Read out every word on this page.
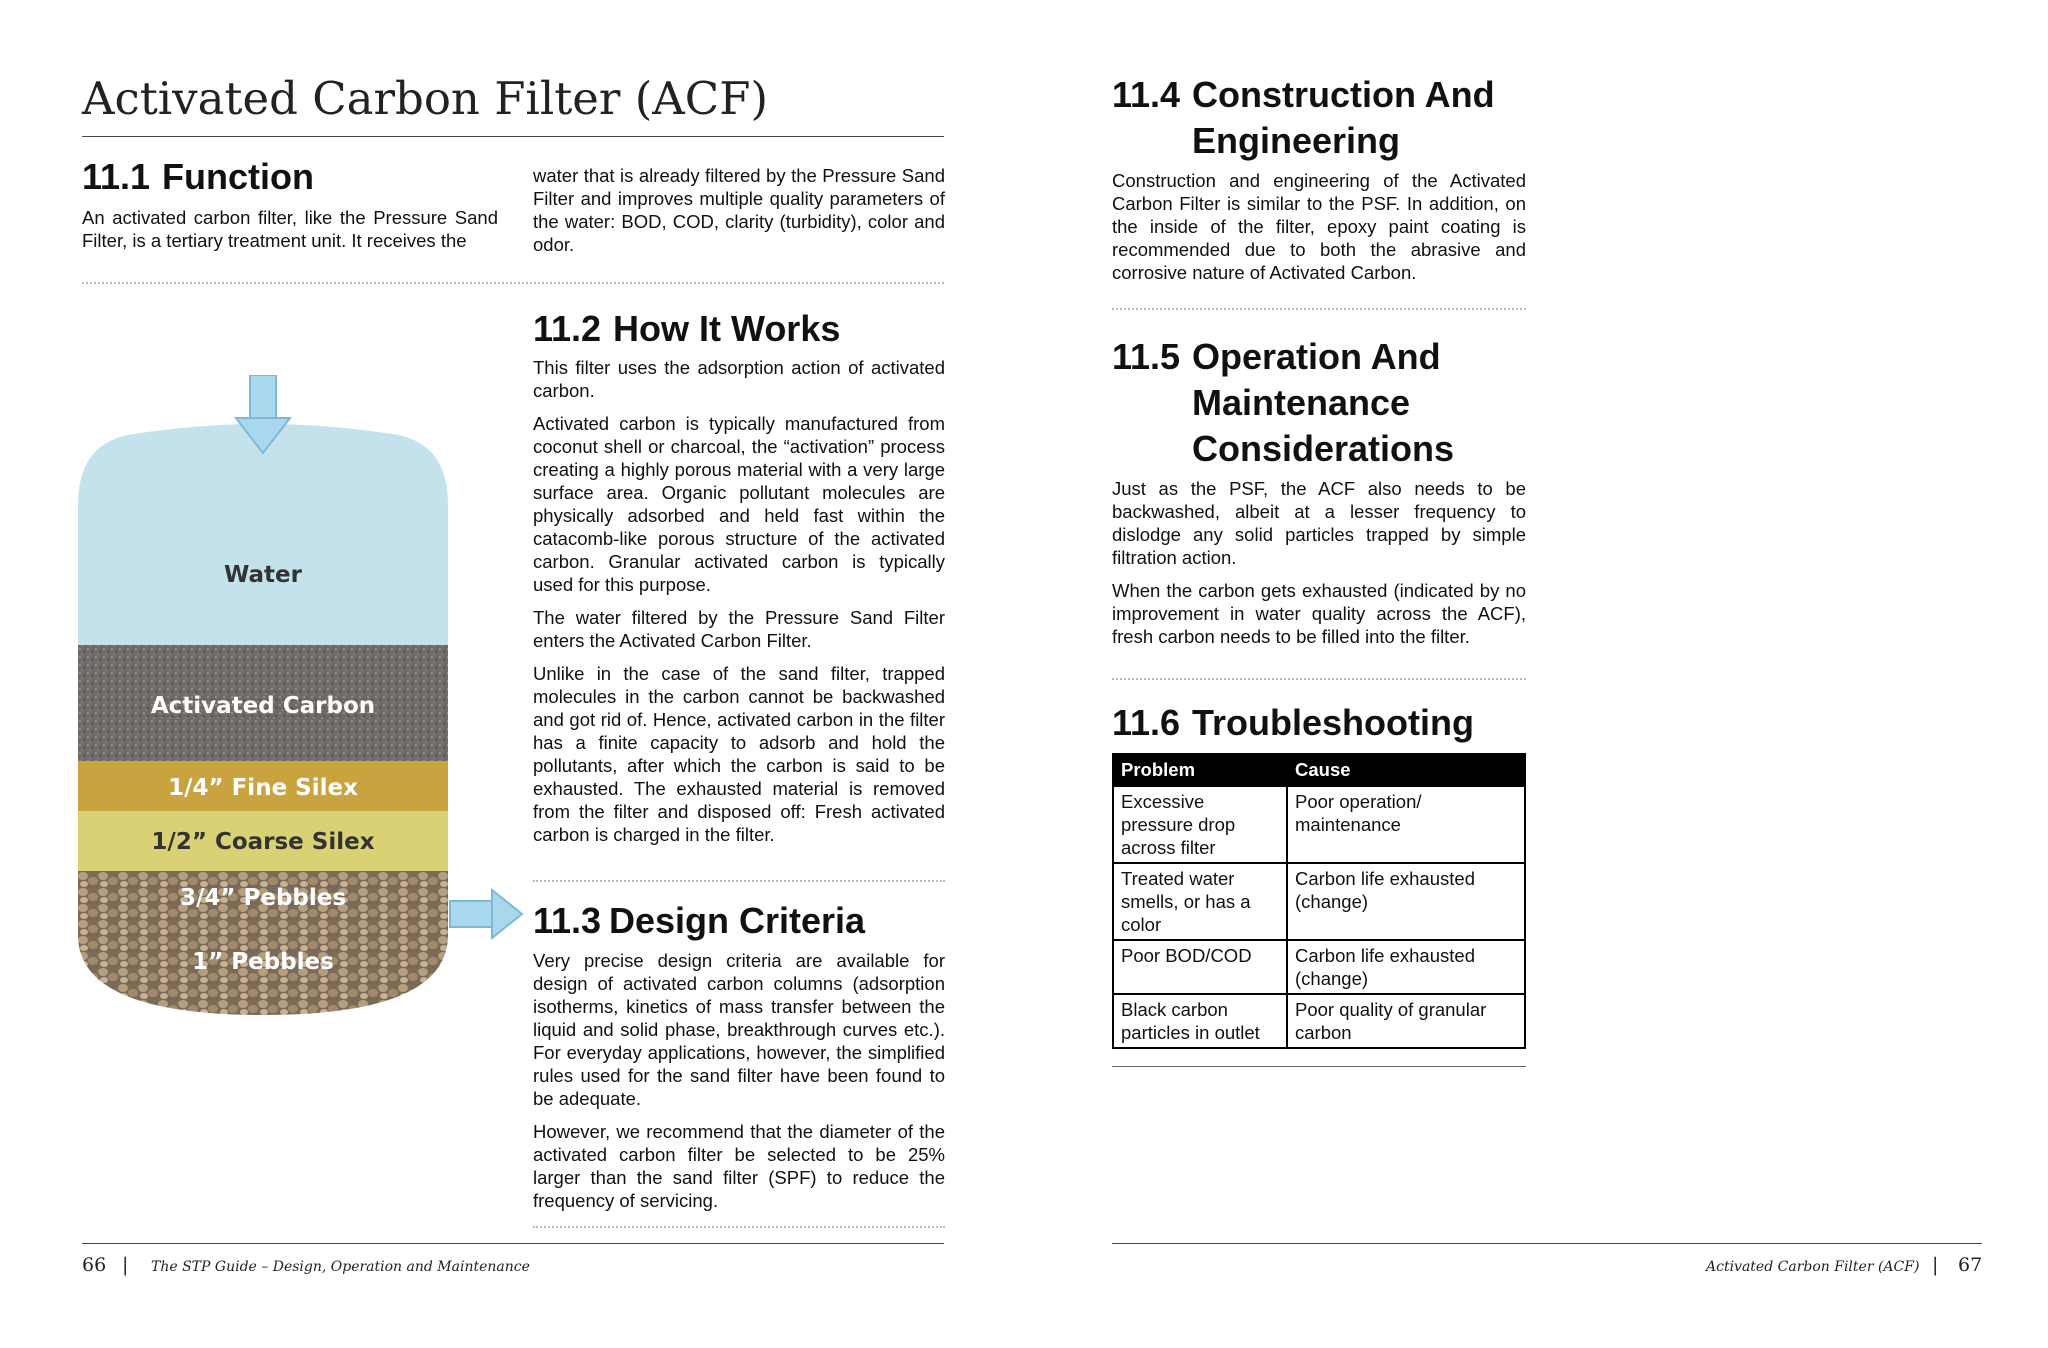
Activated Carbon Filter (ACF)
11.1 Function
An activated carbon filter, like the Pressure Sand Filter, is a tertiary treatment unit. It receives the
water that is already filtered by the Pressure Sand Filter and improves multiple quality parameters of the water: BOD, COD, clarity (turbidity), color and odor.
Water
Activated Carbon
1/4” Fine Silex
1/2” Coarse Silex
3/4” Pebbles
1” Pebbles
11.2 How It Works

This filter uses the adsorption action of activated carbon.

Activated carbon is typically manufactured from coconut shell or charcoal, the “activation” process creating a highly porous material with a very large surface area. Organic pollutant molecules are physically adsorbed and held fast within the catacomb-like porous structure of the activated carbon. Granular activated carbon is typically used for this purpose.

The water filtered by the Pressure Sand Filter enters the Activated Carbon Filter.

Unlike in the case of the sand filter, trapped molecules in the carbon cannot be backwashed and got rid of. Hence, activated carbon in the filter has a finite capacity to adsorb and hold the pollutants, after which the carbon is said to be exhausted. The exhausted material is removed from the filter and disposed off: Fresh activated carbon is charged in the filter.

11.3 Design Criteria

Very precise design criteria are available for design of activated carbon columns (adsorption isotherms, kinetics of mass transfer between the liquid and solid phase, breakthrough curves etc.). For everyday applications, however, the simplified rules used for the sand filter have been found to be adequate.

However, we recommend that the diameter of the activated carbon filter be selected to be 25% larger than the sand filter (SPF) to reduce the frequency of servicing.

66 | The STP Guide – Design, Operation and Maintenance
11.4 Construction And
Engineering
Construction and engineering of the Activated Carbon Filter is similar to the PSF. In addition, on the inside of the filter, epoxy paint coating is recommended due to both the abrasive and corrosive nature of Activated Carbon.
11.5 Operation And
Maintenance
Considerations

Just as the PSF, the ACF also needs to be backwashed, albeit at a lesser frequency to dislodge any solid particles trapped by simple filtration action.

When the carbon gets exhausted (indicated by no improvement in water quality across the ACF), fresh carbon needs to be filled into the filter.

11.6 Troubleshooting
Problem	Cause
Excessive pressure drop across filter	Poor operation/ maintenance
Treated water smells, or has a color	Carbon life exhausted (change)
Poor BOD/COD	Carbon life exhausted (change)
Black carbon particles in outlet	Poor quality of granular carbon
Activated Carbon Filter (ACF) | 67
